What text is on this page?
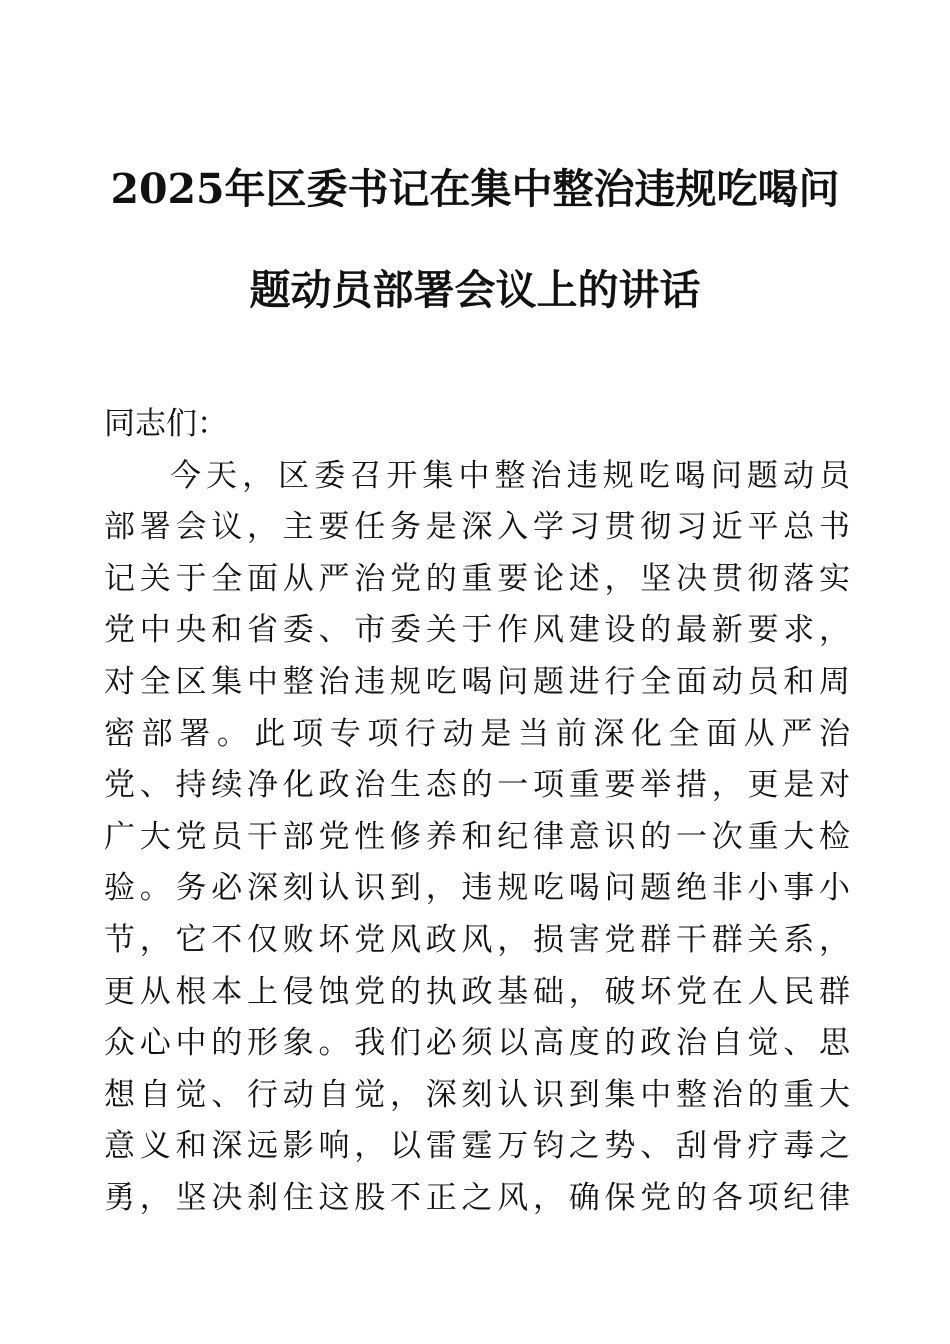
2025年区委书记在集中整治违规吃喝问
题动员部署会议上的讲话
同志们：
今天，区委召开集中整治违规吃喝问题动员
部署会议，主要任务是深入学习贯彻习近平总书
记关于全面从严治党的重要论述，坚决贯彻落实
党中央和省委、市委关于作风建设的最新要求，
对全区集中整治违规吃喝问题进行全面动员和周
密部署。此项专项行动是当前深化全面从严治
党、持续净化政治生态的一项重要举措，更是对
广大党员干部党性修养和纪律意识的一次重大检
验。务必深刻认识到，违规吃喝问题绝非小事小
节，它不仅败坏党风政风，损害党群干群关系，
更从根本上侵蚀党的执政基础，破坏党在人民群
众心中的形象。我们必须以高度的政治自觉、思
想自觉、行动自觉，深刻认识到集中整治的重大
意义和深远影响，以雷霆万钧之势、刮骨疗毒之
勇，坚决刹住这股不正之风，确保党的各项纪律
